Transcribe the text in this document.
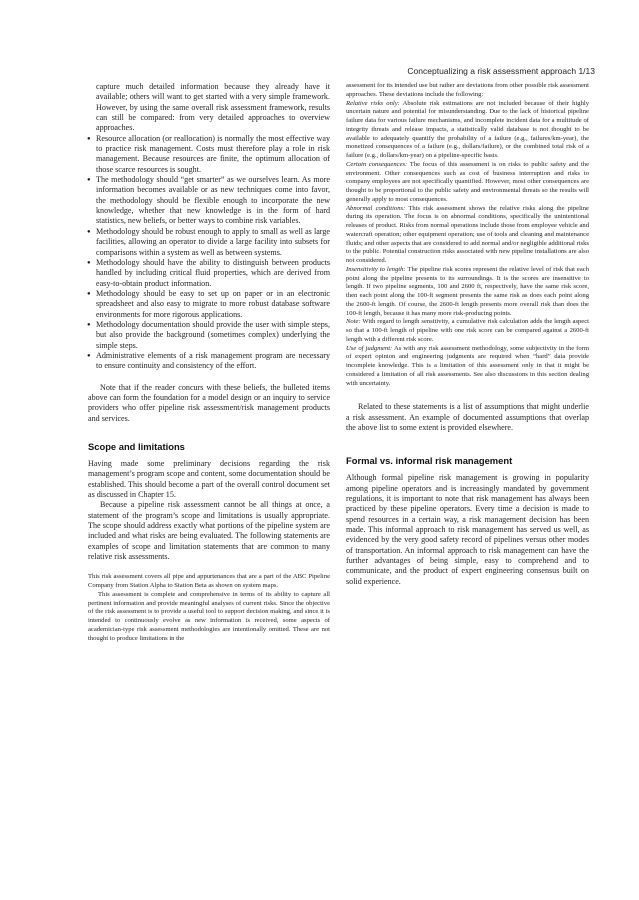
Conceptualizing a risk assessment approach 1/13

capture much detailed information because they already have it available; others will want to get started with a very simple framework. However, by using the same overall risk assessment framework, results can still be compared: from very detailed approaches to overview approaches.

● Resource allocation (or reallocation) is normally the most effective way to practice risk management. Costs must therefore play a role in risk management. Because resources are finite, the optimum allocation of those scarce resources is sought.
● The methodology should “get smarter” as we ourselves learn. As more information becomes available or as new techniques come into favor, the methodology should be flexible enough to incorporate the new knowledge, whether that new knowledge is in the form of hard statistics, new beliefs, or better ways to combine risk variables.
● Methodology should be robust enough to apply to small as well as large facilities, allowing an operator to divide a large facility into subsets for comparisons within a system as well as between systems.
● Methodology should have the ability to distinguish between products handled by including critical fluid properties, which are derived from easy-to-obtain product information.
● Methodology should be easy to set up on paper or in an electronic spreadsheet and also easy to migrate to more robust database software environments for more rigorous applications.
● Methodology documentation should provide the user with simple steps, but also provide the background (sometimes complex) underlying the simple steps.
● Administrative elements of a risk management program are necessary to ensure continuity and consistency of the effort.

Note that if the reader concurs with these beliefs, the bulleted items above can form the foundation for a model design or an inquiry to service providers who offer pipeline risk assessment/risk management products and services.

Scope and limitations

Having made some preliminary decisions regarding the risk management’s program scope and content, some documentation should be established. This should become a part of the overall control document set as discussed in Chapter 15.

Because a pipeline risk assessment cannot be all things at once, a statement of the program’s scope and limitations is usually appropriate. The scope should address exactly what portions of the pipeline system are included and what risks are being evaluated. The following statements are examples of scope and limitation statements that are common to many relative risk assessments.

This risk assessment covers all pipe and appurtenances that are a part of the ABC Pipeline Company from Station Alpha to Station Beta as shown on system maps.

This assessment is complete and comprehensive in terms of its ability to capture all pertinent information and provide meaningful analyses of current risks. Since the objective of the risk assessment is to provide a useful tool to support decision making, and since it is intended to continuously evolve as new information is received, some aspects of academician-type risk assessment methodologies are intentionally omitted. These are not thought to produce limitations in the

assessment for its intended use but rather are deviations from other possible risk assessment approaches. These deviations include the following:

Relative risks only: Absolute risk estimations are not included because of their highly uncertain nature and potential for misunderstanding. Due to the lack of historical pipeline failure data for various failure mechanisms, and incomplete incident data for a multitude of integrity threats and release impacts, a statistically valid database is not thought to be available to adequately quantify the probability of a failure (e.g., failures/km-year), the monetized consequences of a failure (e.g., dollars/failure), or the combined total risk of a failure (e.g., dollars/km-year) on a pipeline-specific basis.

Certain consequences: The focus of this assessment is on risks to public safety and the environment. Other consequences such as cost of business interruption and risks to company employees are not specifically quantified. However, most other consequences are thought to be proportional to the public safety and environmental threats so the results will generally apply to most consequences.

Abnormal conditions: This risk assessment shows the relative risks along the pipeline during its operation. The focus is on abnormal conditions, specifically the unintentional releases of product. Risks from normal operations include those from employee vehicle and watercraft operation; other equipment operation; use of tools and cleaning and maintenance fluids; and other aspects that are considered to add normal and/or negligible additional risks to the public. Potential construction risks associated with new pipeline installations are also not considered.

Insensitivity to length: The pipeline risk scores represent the relative level of risk that each point along the pipeline presents to its surroundings. It is the scores are insensitive to length. If two pipeline segments, 100 and 2600 ft, respectively, have the same risk score, then each point along the 100-ft segment presents the same risk as does each point along the 2600-ft length. Of course, the 2600-ft length presents more overall risk than does the 100-ft length, because it has many more risk-producing points.

Note: With regard to length sensitivity, a cumulative risk calculation adds the length aspect so that a 100-ft length of pipeline with one risk score can be compared against a 2600-ft length with a different risk score.

Use of judgment: As with any risk assessment methodology, some subjectivity in the form of expert opinion and engineering judgments are required when “hard” data provide incomplete knowledge. This is a limitation of this assessment only in that it might be considered a limitation of all risk assessments. See also discussions in this section dealing with uncertainty.

Related to these statements is a list of assumptions that might underlie a risk assessment. An example of documented assumptions that overlap the above list to some extent is provided elsewhere.

Formal vs. informal risk management

Although formal pipeline risk management is growing in popularity among pipeline operators and is increasingly mandated by government regulations, it is important to note that risk management has always been practiced by these pipeline operators. Every time a decision is made to spend resources in a certain way, a risk management decision has been made. This informal approach to risk management has served us well, as evidenced by the very good safety record of pipelines versus other modes of transportation. An informal approach to risk management can have the further advantages of being simple, easy to comprehend and to communicate, and the product of expert engineering consensus built on solid experience.
